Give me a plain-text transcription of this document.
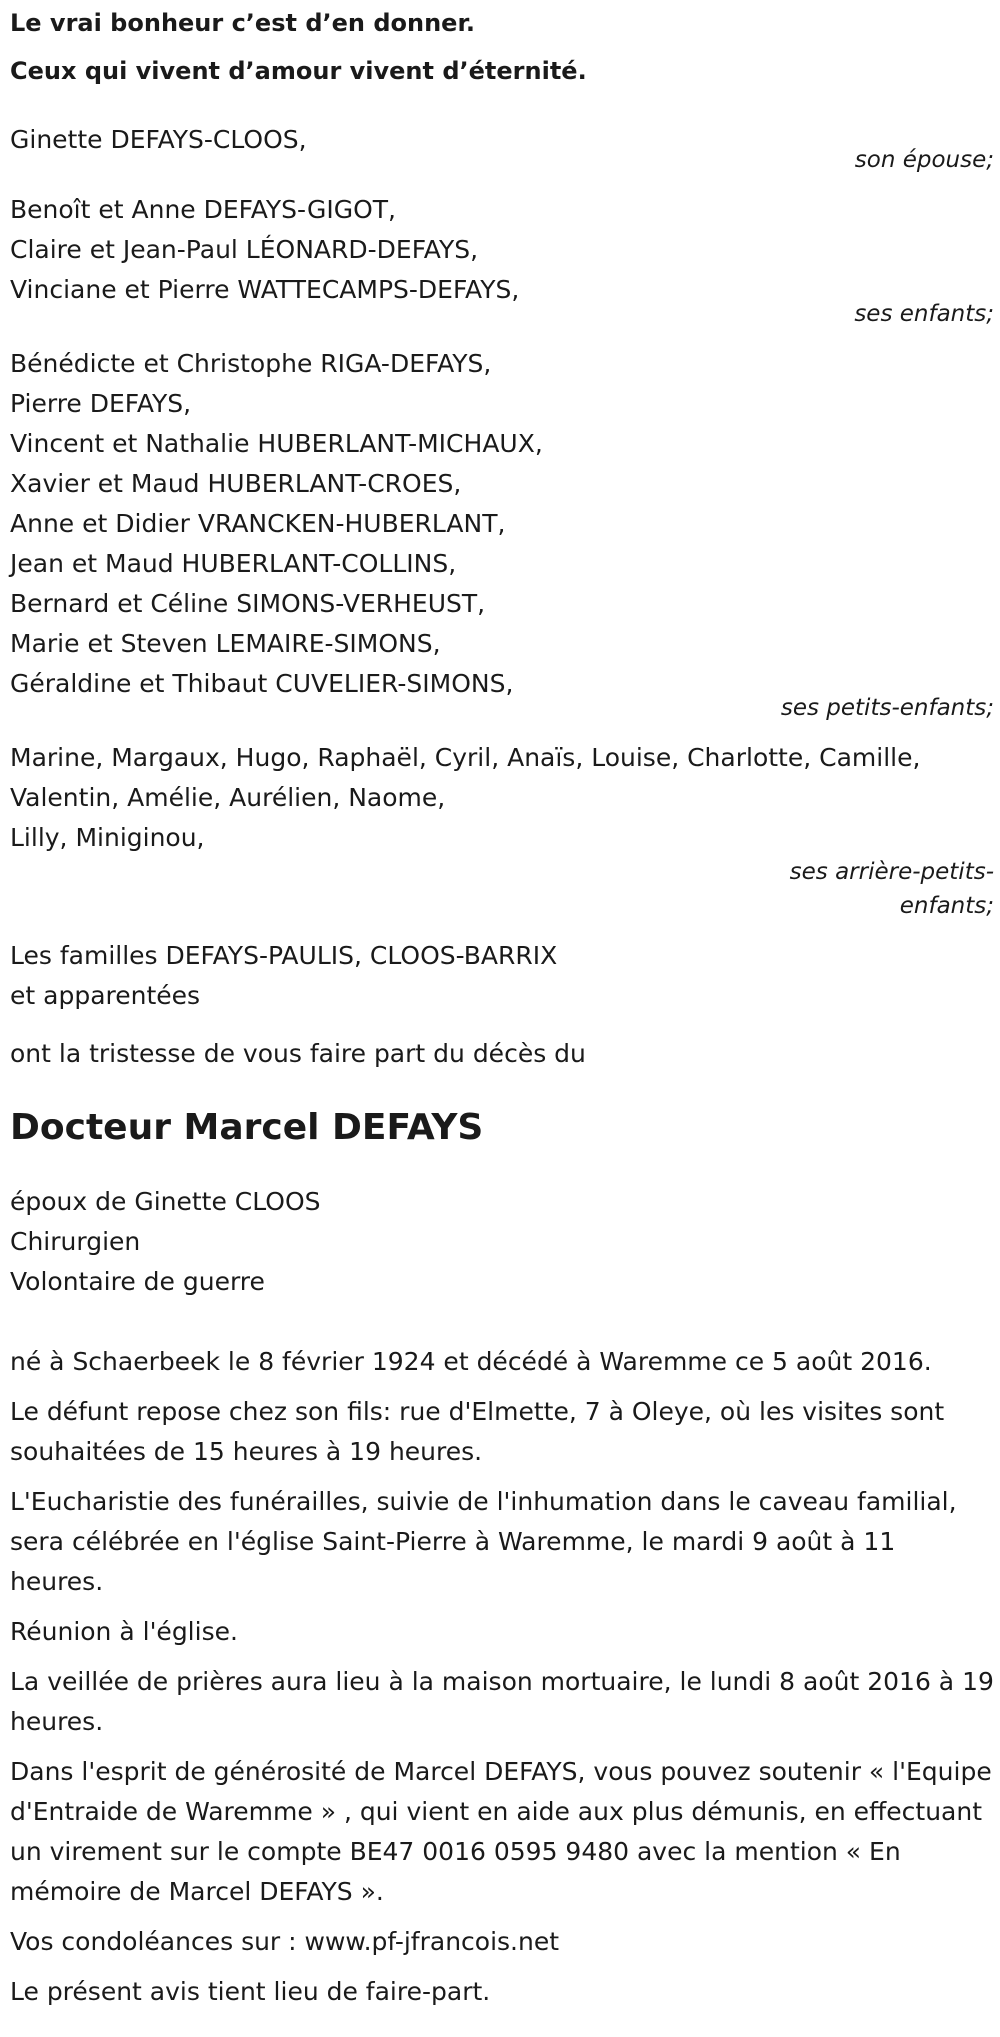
Le vrai bonheur c’est d’en donner.

Ceux qui vivent d’amour vivent d’éternité.

Ginette DEFAYS-CLOOS,

son épouse;

Benoît et Anne DEFAYS-GIGOT,

Claire et Jean-Paul LÉONARD-DEFAYS,

Vinciane et Pierre WATTECAMPS-DEFAYS,

ses enfants;

Bénédicte et Christophe RIGA-DEFAYS,

Pierre DEFAYS,

Vincent et Nathalie HUBERLANT-MICHAUX,

Xavier et Maud HUBERLANT-CROES,

Anne et Didier VRANCKEN-HUBERLANT,

Jean et Maud HUBERLANT-COLLINS,

Bernard et Céline SIMONS-VERHEUST,

Marie et Steven LEMAIRE-SIMONS,

Géraldine et Thibaut CUVELIER-SIMONS,

ses petits-enfants;

Marine, Margaux, Hugo, Raphaël, Cyril, Anaïs, Louise, Charlotte, Camille,

Valentin, Amélie, Aurélien, Naome,

Lilly, Miniginou,

ses arrière-petits-

enfants;

Les familles DEFAYS-PAULIS, CLOOS-BARRIX

et apparentées

ont la tristesse de vous faire part du décès du

Docteur Marcel DEFAYS

époux de Ginette CLOOS

Chirurgien

Volontaire de guerre

né à Schaerbeek le 8 février 1924 et décédé à Waremme ce 5 août 2016.

Le défunt repose chez son fils: rue d'Elmette, 7 à Oleye, où les visites sont souhaitées de 15 heures à 19 heures.

L'Eucharistie des funérailles, suivie de l'inhumation dans le caveau familial, sera célébrée en l'église Saint-Pierre à Waremme, le mardi 9 août à 11 heures.

Réunion à l'église.

La veillée de prières aura lieu à la maison mortuaire, le lundi 8 août 2016 à 19 heures.

Dans l'esprit de générosité de Marcel DEFAYS, vous pouvez soutenir « l'Equipe d'Entraide de Waremme » , qui vient en aide aux plus démunis, en effectuant un virement sur le compte BE47 0016 0595 9480 avec la mention « En mémoire de Marcel DEFAYS ».

Vos condoléances sur : www.pf-jfrancois.net

Le présent avis tient lieu de faire-part.
